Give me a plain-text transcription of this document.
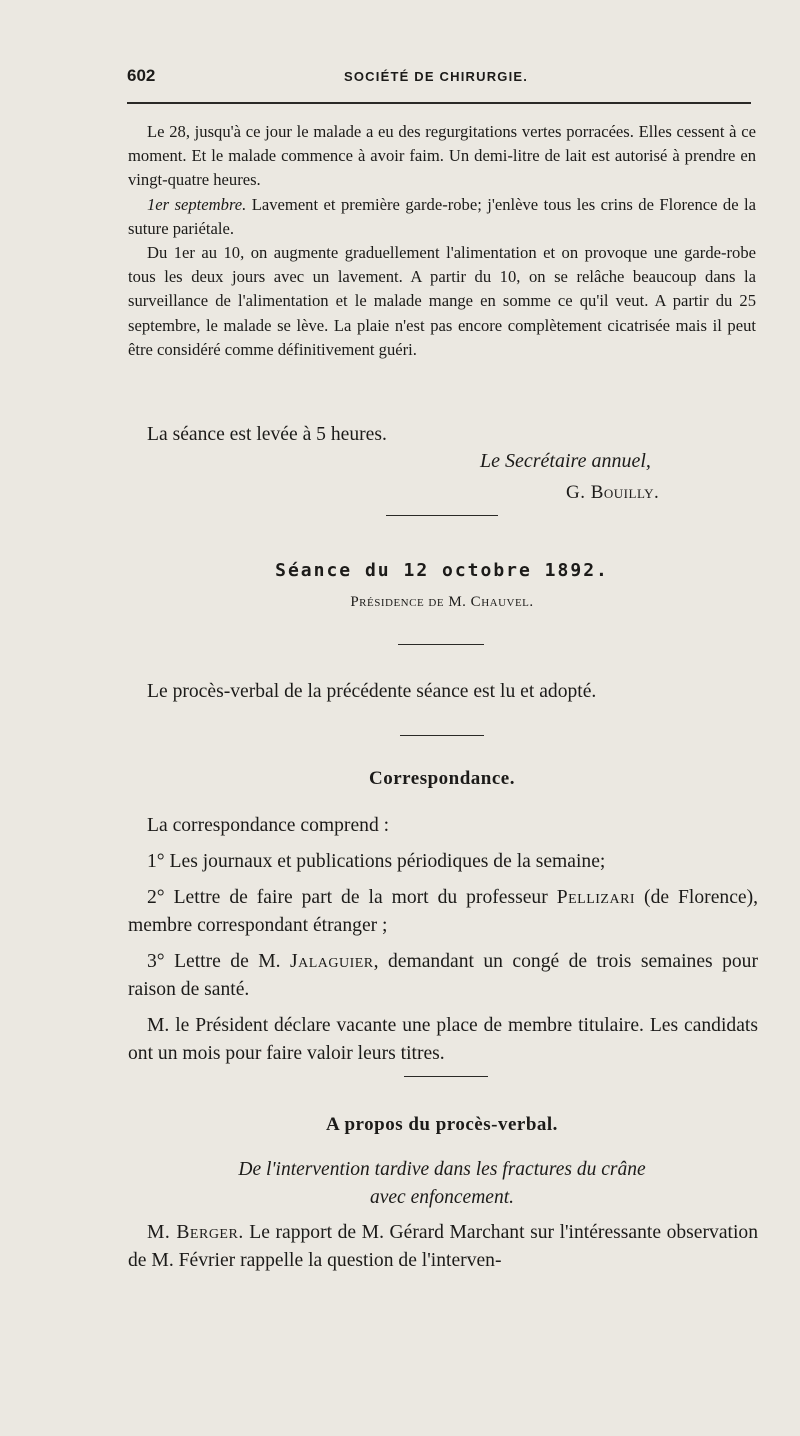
602	SOCIÉTÉ DE CHIRURGIE.

Le 28, jusqu'à ce jour le malade a eu des regurgitations vertes porracées. Elles cessent à ce moment. Et le malade commence à avoir faim. Un demi-litre de lait est autorisé à prendre en vingt-quatre heures.

1er septembre. Lavement et première garde-robe; j'enlève tous les crins de Florence de la suture pariétale.

Du 1er au 10, on augmente graduellement l'alimentation et on provoque une garde-robe tous les deux jours avec un lavement. A partir du 10, on se relâche beaucoup dans la surveillance de l'alimentation et le malade mange en somme ce qu'il veut. A partir du 25 septembre, le malade se lève. La plaie n'est pas encore complètement cicatrisée mais il peut être considéré comme définitivement guéri.

La séance est levée à 5 heures.

Le Secrétaire annuel,
G. Bouilly.
Séance du 12 octobre 1892.
Présidence de M. Chauvel.

Le procès-verbal de la précédente séance est lu et adopté.

Correspondance.

La correspondance comprend :

1° Les journaux et publications périodiques de la semaine;

2° Lettre de faire part de la mort du professeur Pellizari (de Florence), membre correspondant étranger ;

3° Lettre de M. Jalaguier, demandant un congé de trois semaines pour raison de santé.

M. le Président déclare vacante une place de membre titulaire. Les candidats ont un mois pour faire valoir leurs titres.

A propos du procès-verbal.
De l'intervention tardive dans les fractures du crâne
avec enfoncement.

M. Berger. Le rapport de M. Gérard Marchant sur l'intéressante observation de M. Février rappelle la question de l'interven-
